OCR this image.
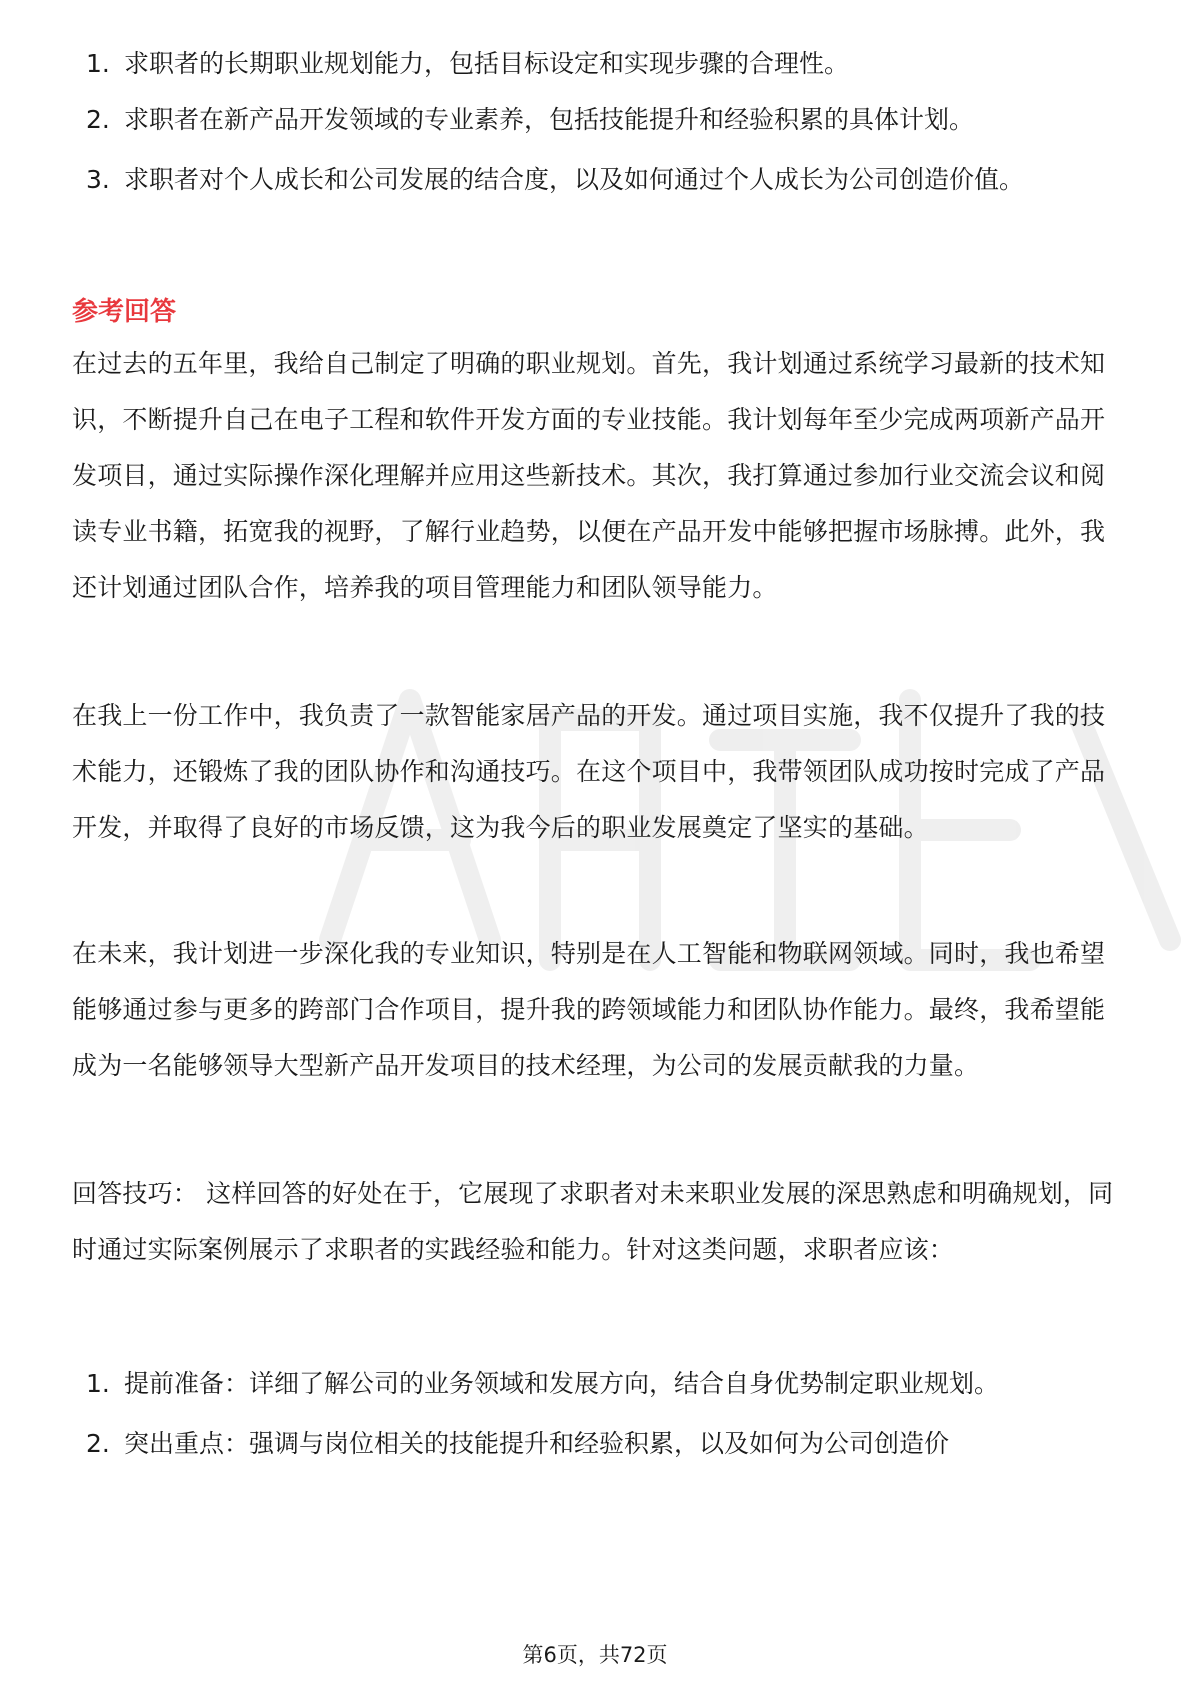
1. 求职者的长期职业规划能力，包括目标设定和实现步骤的合理性。
2. 求职者在新产品开发领域的专业素养，包括技能提升和经验积累的具体计划。
3. 求职者对个人成长和公司发展的结合度，以及如何通过个人成长为公司创造价值。
参考回答

在过去的五年里，我给自己制定了明确的职业规划。首先，我计划通过系统学习最新的技术知识，不断提升自己在电子工程和软件开发方面的专业技能。我计划每年至少完成两项新产品开发项目，通过实际操作深化理解并应用这些新技术。其次，我打算通过参加行业交流会议和阅读专业书籍，拓宽我的视野，了解行业趋势，以便在产品开发中能够把握市场脉搏。此外，我还计划通过团队合作，培养我的项目管理能力和团队领导能力。

在我上一份工作中，我负责了一款智能家居产品的开发。通过项目实施，我不仅提升了我的技术能力，还锻炼了我的团队协作和沟通技巧。在这个项目中，我带领团队成功按时完成了产品开发，并取得了良好的市场反馈，这为我今后的职业发展奠定了坚实的基础。

在未来，我计划进一步深化我的专业知识，特别是在人工智能和物联网领域。同时，我也希望能够通过参与更多的跨部门合作项目，提升我的跨领域能力和团队协作能力。最终，我希望能成为一名能够领导大型新产品开发项目的技术经理，为公司的发展贡献我的力量。

回答技巧： 这样回答的好处在于，它展现了求职者对未来职业发展的深思熟虑和明确规划，同时通过实际案例展示了求职者的实践经验和能力。针对这类问题，求职者应该：

1. 提前准备：详细了解公司的业务领域和发展方向，结合自身优势制定职业规划。
2. 突出重点：强调与岗位相关的技能提升和经验积累，以及如何为公司创造价
第6页，共72页
